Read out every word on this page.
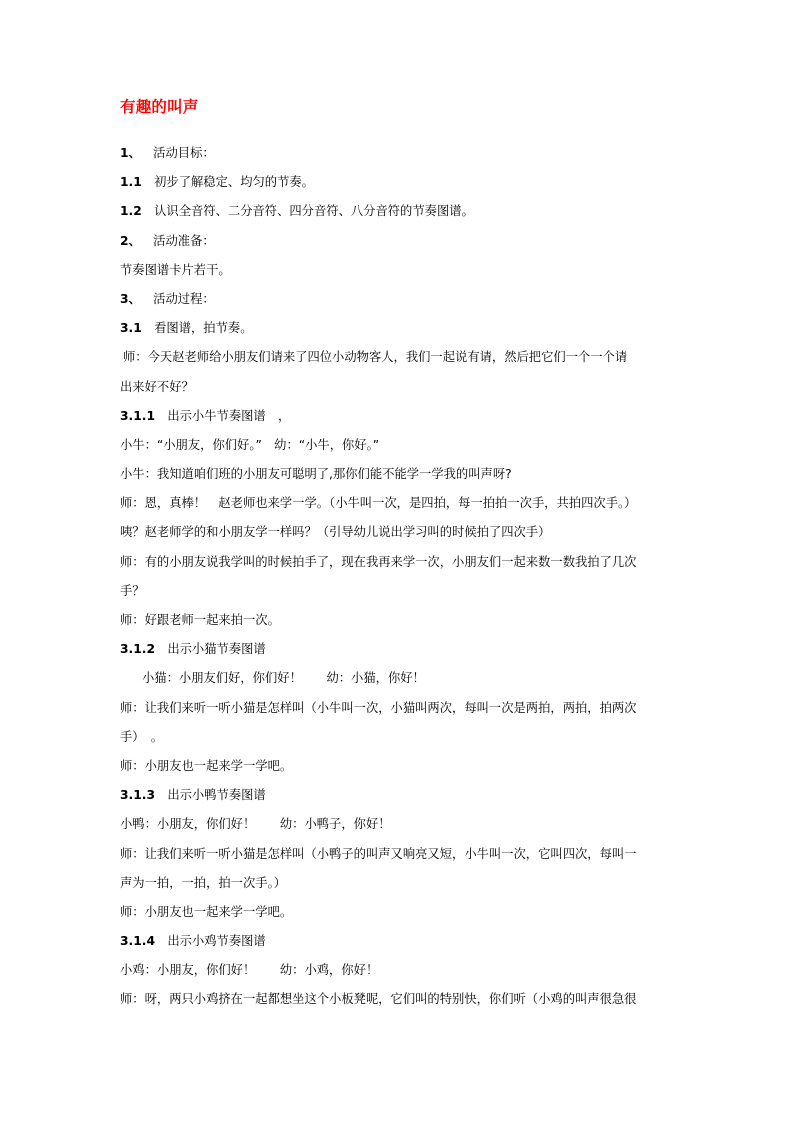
有趣的叫声
1、　 活动目标：
1.1　 初步了解稳定、均匀的节奏。
1.2　 认识全音符、二分音符、四分音符、八分音符的节奏图谱。
2、　 活动准备：
节奏图谱卡片若干。
3、　 活动过程：
3.1　 看图谱，拍节奏。
师：今天赵老师给小朋友们请来了四位小动物客人，我们一起说有请，然后把它们一个一个请
出来好不好？
3.1.1　 出示小牛节奏图谱　，
小牛：“小朋友，你们好。”　幼：“小牛，你好。”
小牛：我知道咱们班的小朋友可聪明了,那你们能不能学一学我的叫声呀?
师：恩，真棒！　赵老师也来学一学。（小牛叫一次，是四拍，每一拍拍一次手，共拍四次手。）
咦？赵老师学的和小朋友学一样吗？（引导幼儿说出学习叫的时候拍了四次手）
师：有的小朋友说我学叫的时候拍手了，现在我再来学一次，小朋友们一起来数一数我拍了几次
手？
师：好跟老师一起来拍一次。
3.1.2　 出示小猫节奏图谱
小猫：小朋友们好，你们好！　　幼：小猫，你好！
师：让我们来听一听小猫是怎样叫（小牛叫一次，小猫叫两次，每叫一次是两拍，两拍，拍两次
手）　。
师：小朋友也一起来学一学吧。
3.1.3　 出示小鸭节奏图谱
小鸭：小朋友，你们好！　　幼：小鸭子，你好！
师：让我们来听一听小猫是怎样叫（小鸭子的叫声又响亮又短，小牛叫一次，它叫四次，每叫一
声为一拍，一拍，拍一次手。）
师：小朋友也一起来学一学吧。
3.1.4　 出示小鸡节奏图谱
小鸡：小朋友，你们好！　　幼：小鸡，你好！
师：呀，两只小鸡挤在一起都想坐这个小板凳呢，它们叫的特别快，你们听（小鸡的叫声很急很
